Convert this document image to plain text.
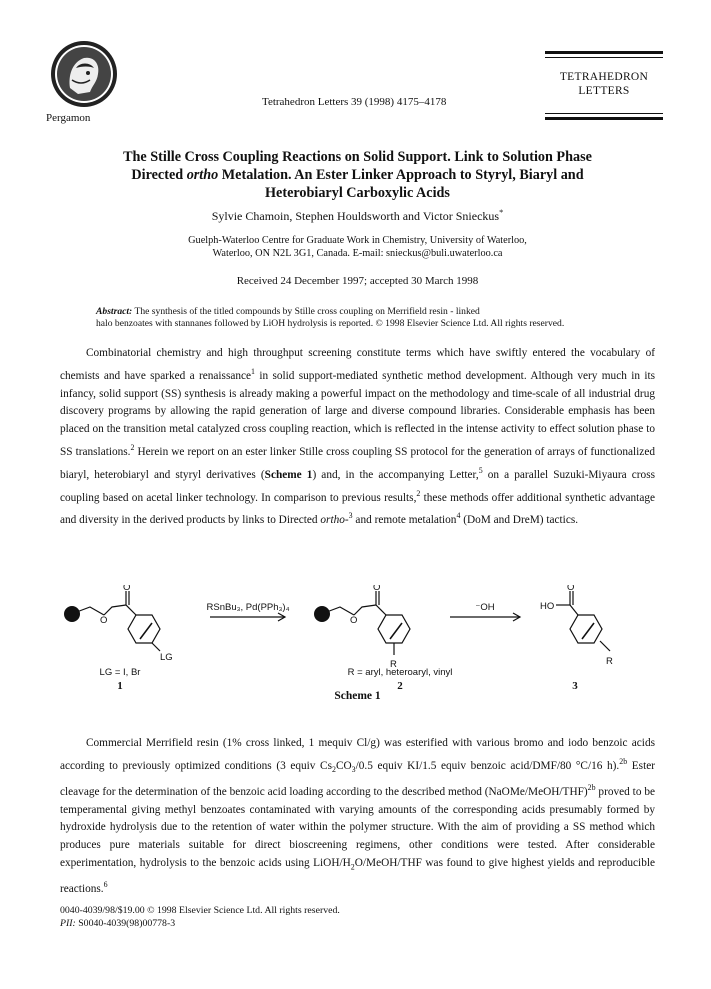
Pergamon
Tetrahedron Letters 39 (1998) 4175–4178
TETRAHEDRON
LETTERS
The Stille Cross Coupling Reactions on Solid Support. Link to Solution Phase
Directed ortho Metalation. An Ester Linker Approach to Styryl, Biaryl and
Heterobiaryl Carboxylic Acids
Sylvie Chamoin, Stephen Houldsworth and Victor Snieckus*
Guelph-Waterloo Centre for Graduate Work in Chemistry, University of Waterloo,
Waterloo, ON N2L 3G1, Canada. E-mail: snieckus@buli.uwaterloo.ca
Received 24 December 1997; accepted 30 March 1998
Abstract: The synthesis of the titled compounds by Stille cross coupling on Merrifield resin - linked
halo benzoates with stannanes followed by LiOH hydrolysis is reported. © 1998 Elsevier Science Ltd. All rights reserved.

Combinatorial chemistry and high throughput screening constitute terms which have swiftly entered the vocabulary of chemists and have sparked a renaissance$^1$ in solid support-mediated synthetic method development. Although very much in its infancy, solid support (SS) synthesis is already making a powerful impact on the methodology and time-scale of all industrial drug discovery programs by allowing the rapid generation of large and diverse compound libraries. Considerable emphasis has been placed on the transition metal catalyzed cross coupling reaction, which is reflected in the intense activity to effect solution phase to SS translations.$^2$ Herein we report on an ester linker Stille cross coupling SS protocol for the generation of arrays of functionalized biaryl, heterobiaryl and styryl derivatives (Scheme 1) and, in the accompanying Letter,$^5$ on a parallel Suzuki-Miyaura cross coupling based on acetal linker technology. In comparison to previous results,$^2$ these methods offer additional synthetic advantage and diversity in the derived products by links to Directed ortho-$^3$ and remote metalation$^4$ (DoM and DreM) tactics.

O
O
LG
RSnBu₃, Pd(PPh₃)₄
O
O
R
⁻OH
O
HO
R
LG = I, Br	R = aryl, heteroaryl, vinyl
1	2	3
Scheme 1

Commercial Merrifield resin (1% cross linked, 1 mequiv Cl/g) was esterified with various bromo and iodo benzoic acids according to previously optimized conditions (3 equiv $Cs_2CO_3/0.5$ equiv KI/1.5 equiv benzoic acid/DMF/80 °C/16 h).$^{2b}$ Ester cleavage for the determination of the benzoic acid loading according to the described method (NaOMe/MeOH/THF)$^{2b}$ proved to be temperamental giving methyl benzoates contaminated with varying amounts of the corresponding acids presumably formed by hydroxide hydrolysis due to the retention of water within the polymer structure. With the aim of providing a SS method which produces pure materials suitable for direct bioscreening regimens, other conditions were tested. After considerable experimentation, hydrolysis to the benzoic acids using LiOH/$H_2O/MeOH$/THF was found to give highest yields and reproducible reactions.$^6$

0040-4039/98/$19.00 © 1998 Elsevier Science Ltd. All rights reserved.
PII: S0040-4039(98)00778-3
